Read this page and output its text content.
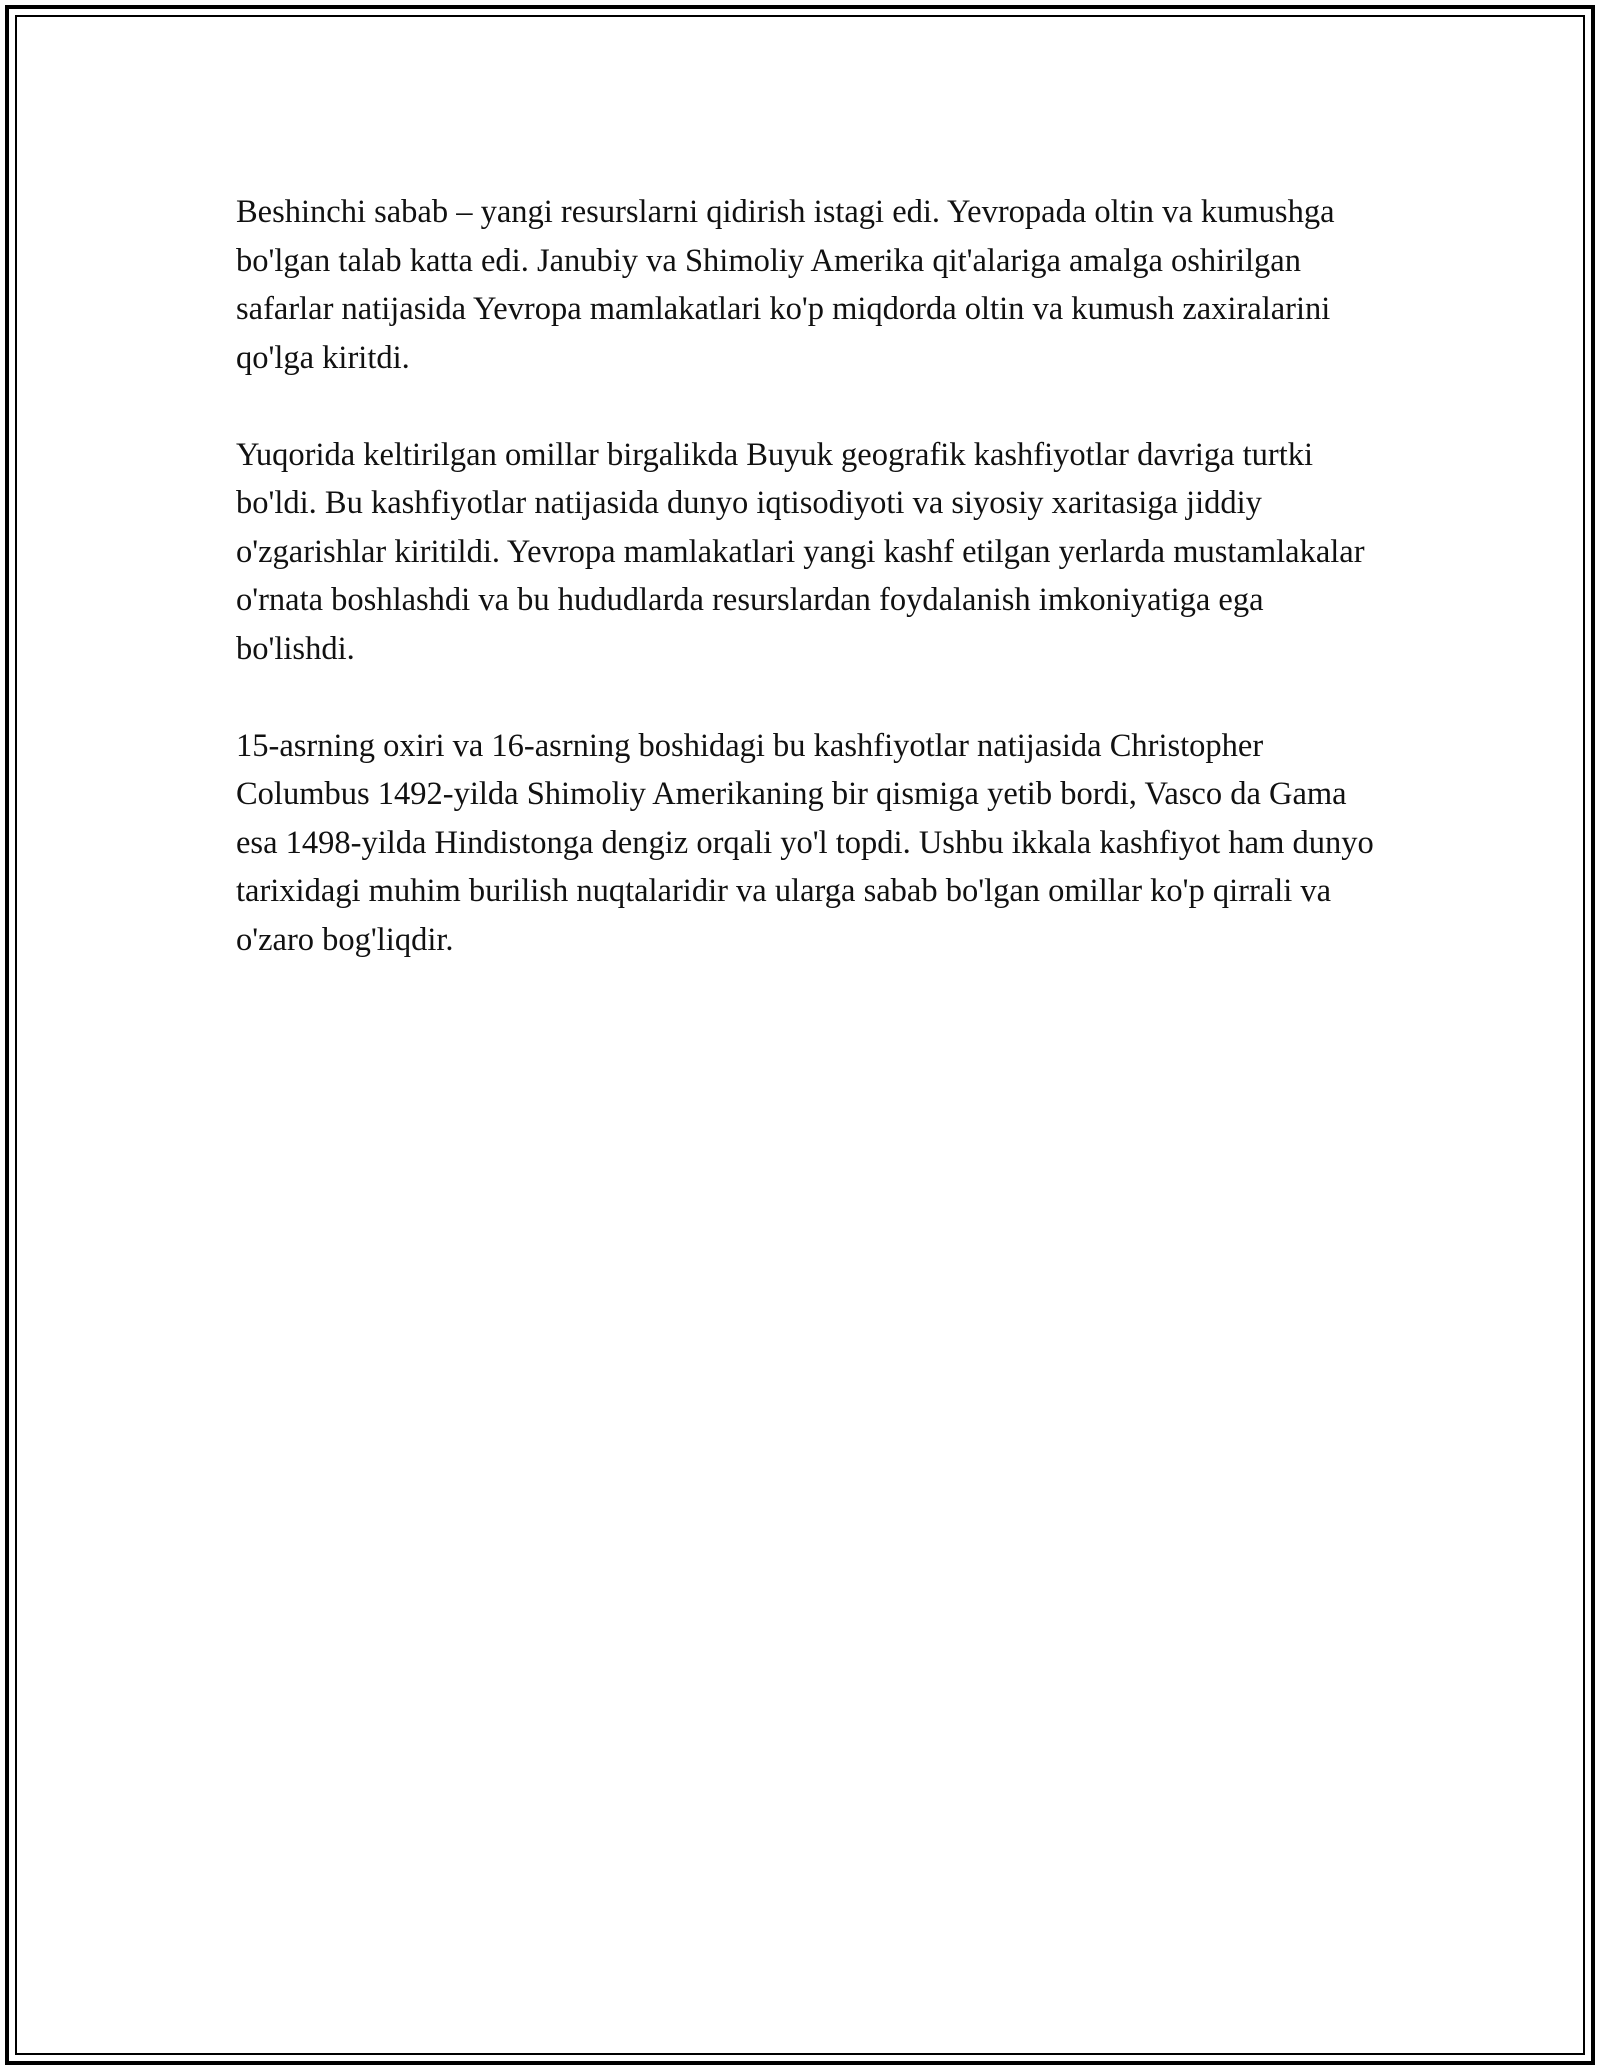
Beshinchi sabab – yangi resurslarni qidirish istagi edi. Yevropada oltin va kumushga bo'lgan talab katta edi. Janubiy va Shimoliy Amerika qit'alariga amalga oshirilgan safarlar natijasida Yevropa mamlakatlari ko'p miqdorda oltin va kumush zaxiralarini qo'lga kiritdi.

Yuqorida keltirilgan omillar birgalikda Buyuk geografik kashfiyotlar davriga turtki bo'ldi. Bu kashfiyotlar natijasida dunyo iqtisodiyoti va siyosiy xaritasiga jiddiy o'zgarishlar kiritildi. Yevropa mamlakatlari yangi kashf etilgan yerlarda mustamlakalar o'rnata boshlashdi va bu hududlarda resurslardan foydalanish imkoniyatiga ega bo'lishdi.

15-asrning oxiri va 16-asrning boshidagi bu kashfiyotlar natijasida Christopher Columbus 1492-yilda Shimoliy Amerikaning bir qismiga yetib bordi, Vasco da Gama esa 1498-yilda Hindistonga dengiz orqali yo'l topdi. Ushbu ikkala kashfiyot ham dunyo tarixidagi muhim burilish nuqtalaridir va ularga sabab bo'lgan omillar ko'p qirrali va o'zaro bog'liqdir.
